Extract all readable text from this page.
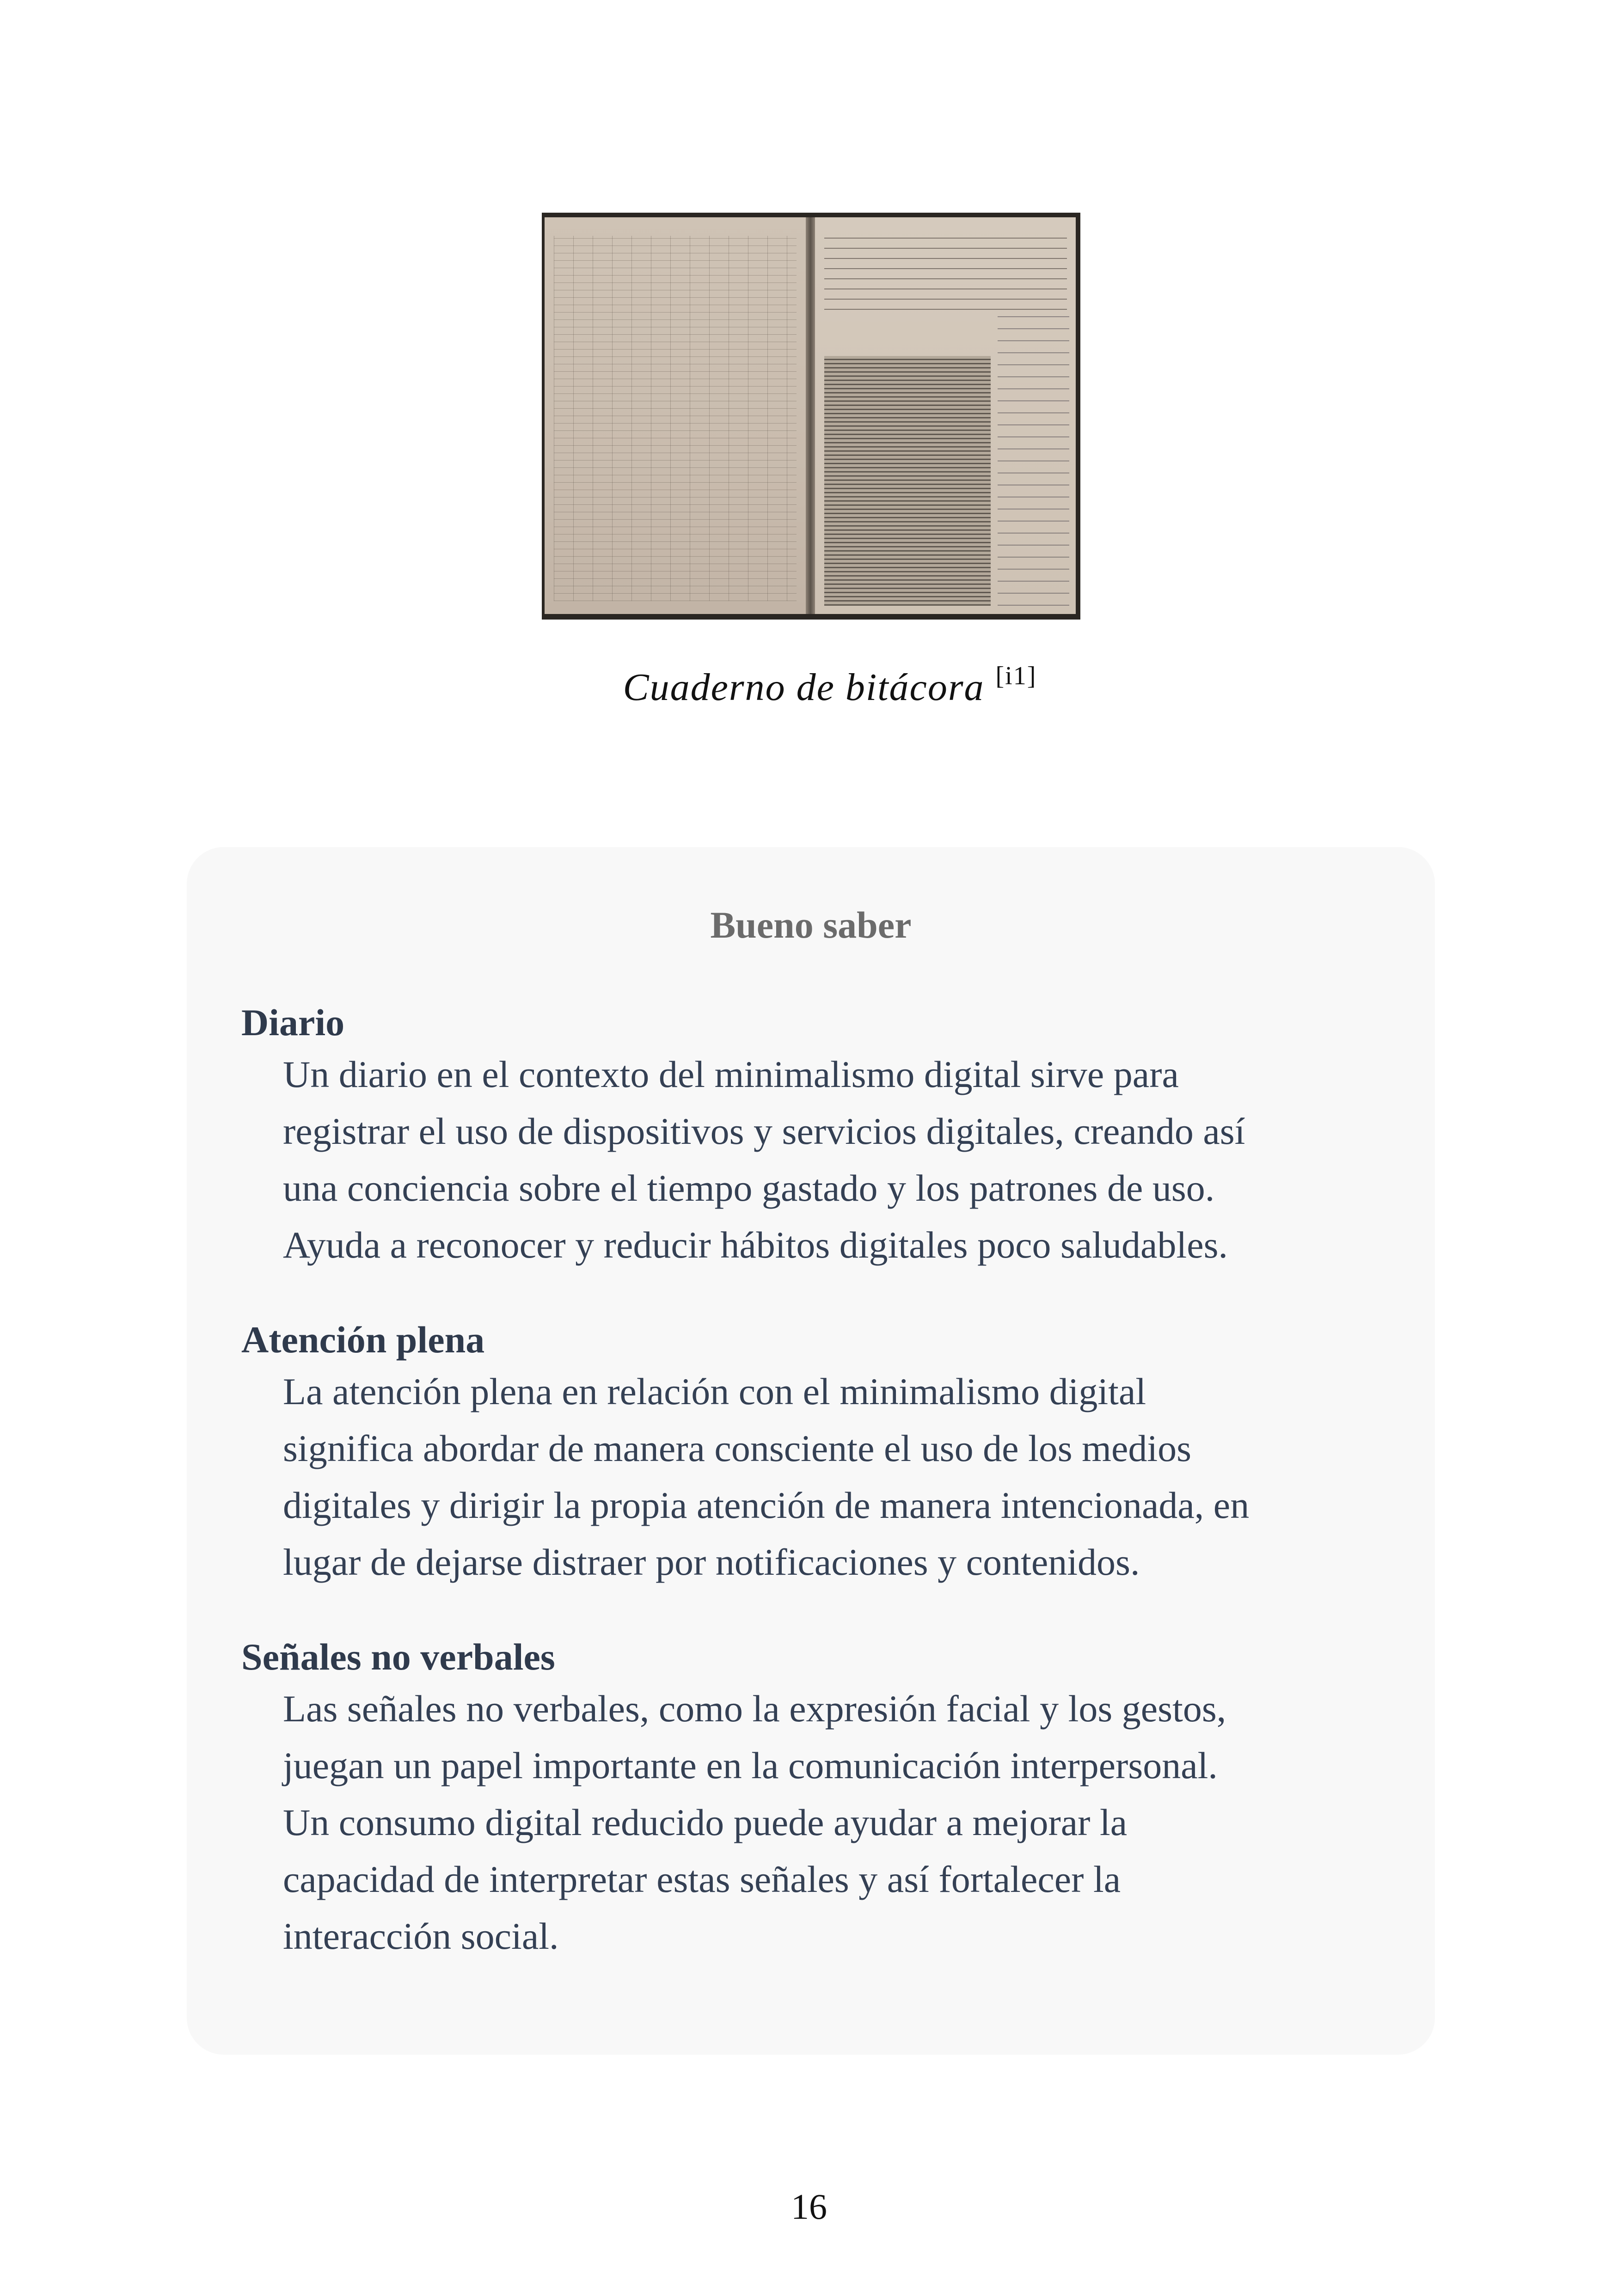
Cuaderno de bitácora [i1]
Bueno saber
Diario

Un diario en el contexto del minimalismo digital sirve para
registrar el uso de dispositivos y servicios digitales, creando así
una conciencia sobre el tiempo gastado y los patrones de uso.
Ayuda a reconocer y reducir hábitos digitales poco saludables.

Atención plena

La atención plena en relación con el minimalismo digital
significa abordar de manera consciente el uso de los medios
digitales y dirigir la propia atención de manera intencionada, en
lugar de dejarse distraer por notificaciones y contenidos.

Señales no verbales

Las señales no verbales, como la expresión facial y los gestos,
juegan un papel importante en la comunicación interpersonal.
Un consumo digital reducido puede ayudar a mejorar la
capacidad de interpretar estas señales y así fortalecer la
interacción social.

16
